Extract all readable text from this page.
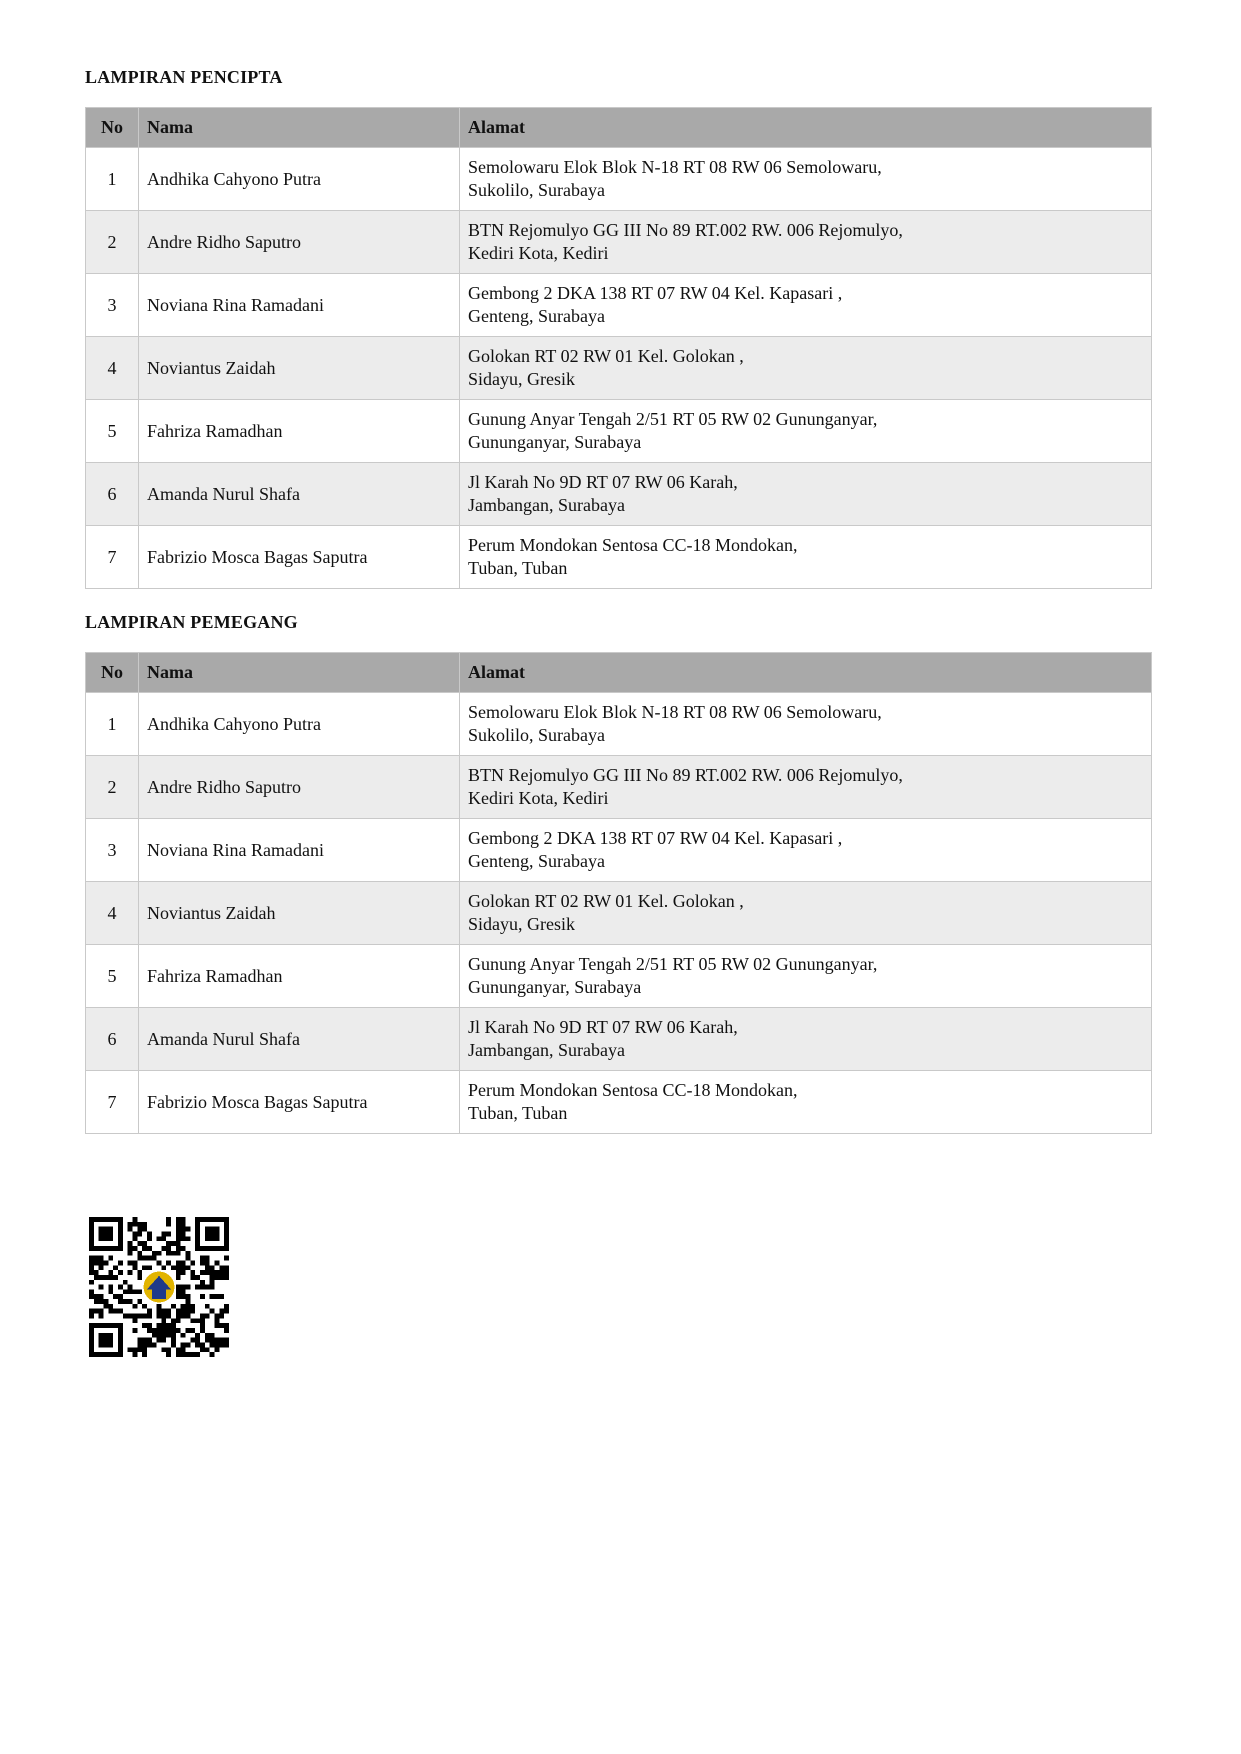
LAMPIRAN PENCIPTA
No	Nama	Alamat
1	Andhika Cahyono Putra	Semolowaru Elok Blok N-18 RT 08 RW 06 Semolowaru,
Sukolilo, Surabaya

2	Andre Ridho Saputro	BTN Rejomulyo GG III No 89 RT.002 RW. 006 Rejomulyo,
Kediri Kota, Kediri

3	Noviana Rina Ramadani	Gembong 2 DKA 138 RT 07 RW 04 Kel. Kapasari ,
Genteng, Surabaya

4	Noviantus Zaidah	Golokan RT 02 RW 01 Kel. Golokan ,
Sidayu, Gresik

5	Fahriza Ramadhan	Gunung Anyar Tengah 2/51 RT 05 RW 02 Gununganyar,
Gununganyar, Surabaya

6	Amanda Nurul Shafa	Jl Karah No 9D RT 07 RW 06 Karah,
Jambangan, Surabaya

7	Fabrizio Mosca Bagas Saputra	Perum Mondokan Sentosa CC-18 Mondokan,
Tuban, Tuban
LAMPIRAN PEMEGANG
No	Nama	Alamat
1	Andhika Cahyono Putra	Semolowaru Elok Blok N-18 RT 08 RW 06 Semolowaru,
Sukolilo, Surabaya

2	Andre Ridho Saputro	BTN Rejomulyo GG III No 89 RT.002 RW. 006 Rejomulyo,
Kediri Kota, Kediri

3	Noviana Rina Ramadani	Gembong 2 DKA 138 RT 07 RW 04 Kel. Kapasari ,
Genteng, Surabaya

4	Noviantus Zaidah	Golokan RT 02 RW 01 Kel. Golokan ,
Sidayu, Gresik

5	Fahriza Ramadhan	Gunung Anyar Tengah 2/51 RT 05 RW 02 Gununganyar,
Gununganyar, Surabaya

6	Amanda Nurul Shafa	Jl Karah No 9D RT 07 RW 06 Karah,
Jambangan, Surabaya

7	Fabrizio Mosca Bagas Saputra	Perum Mondokan Sentosa CC-18 Mondokan,
Tuban, Tuban
